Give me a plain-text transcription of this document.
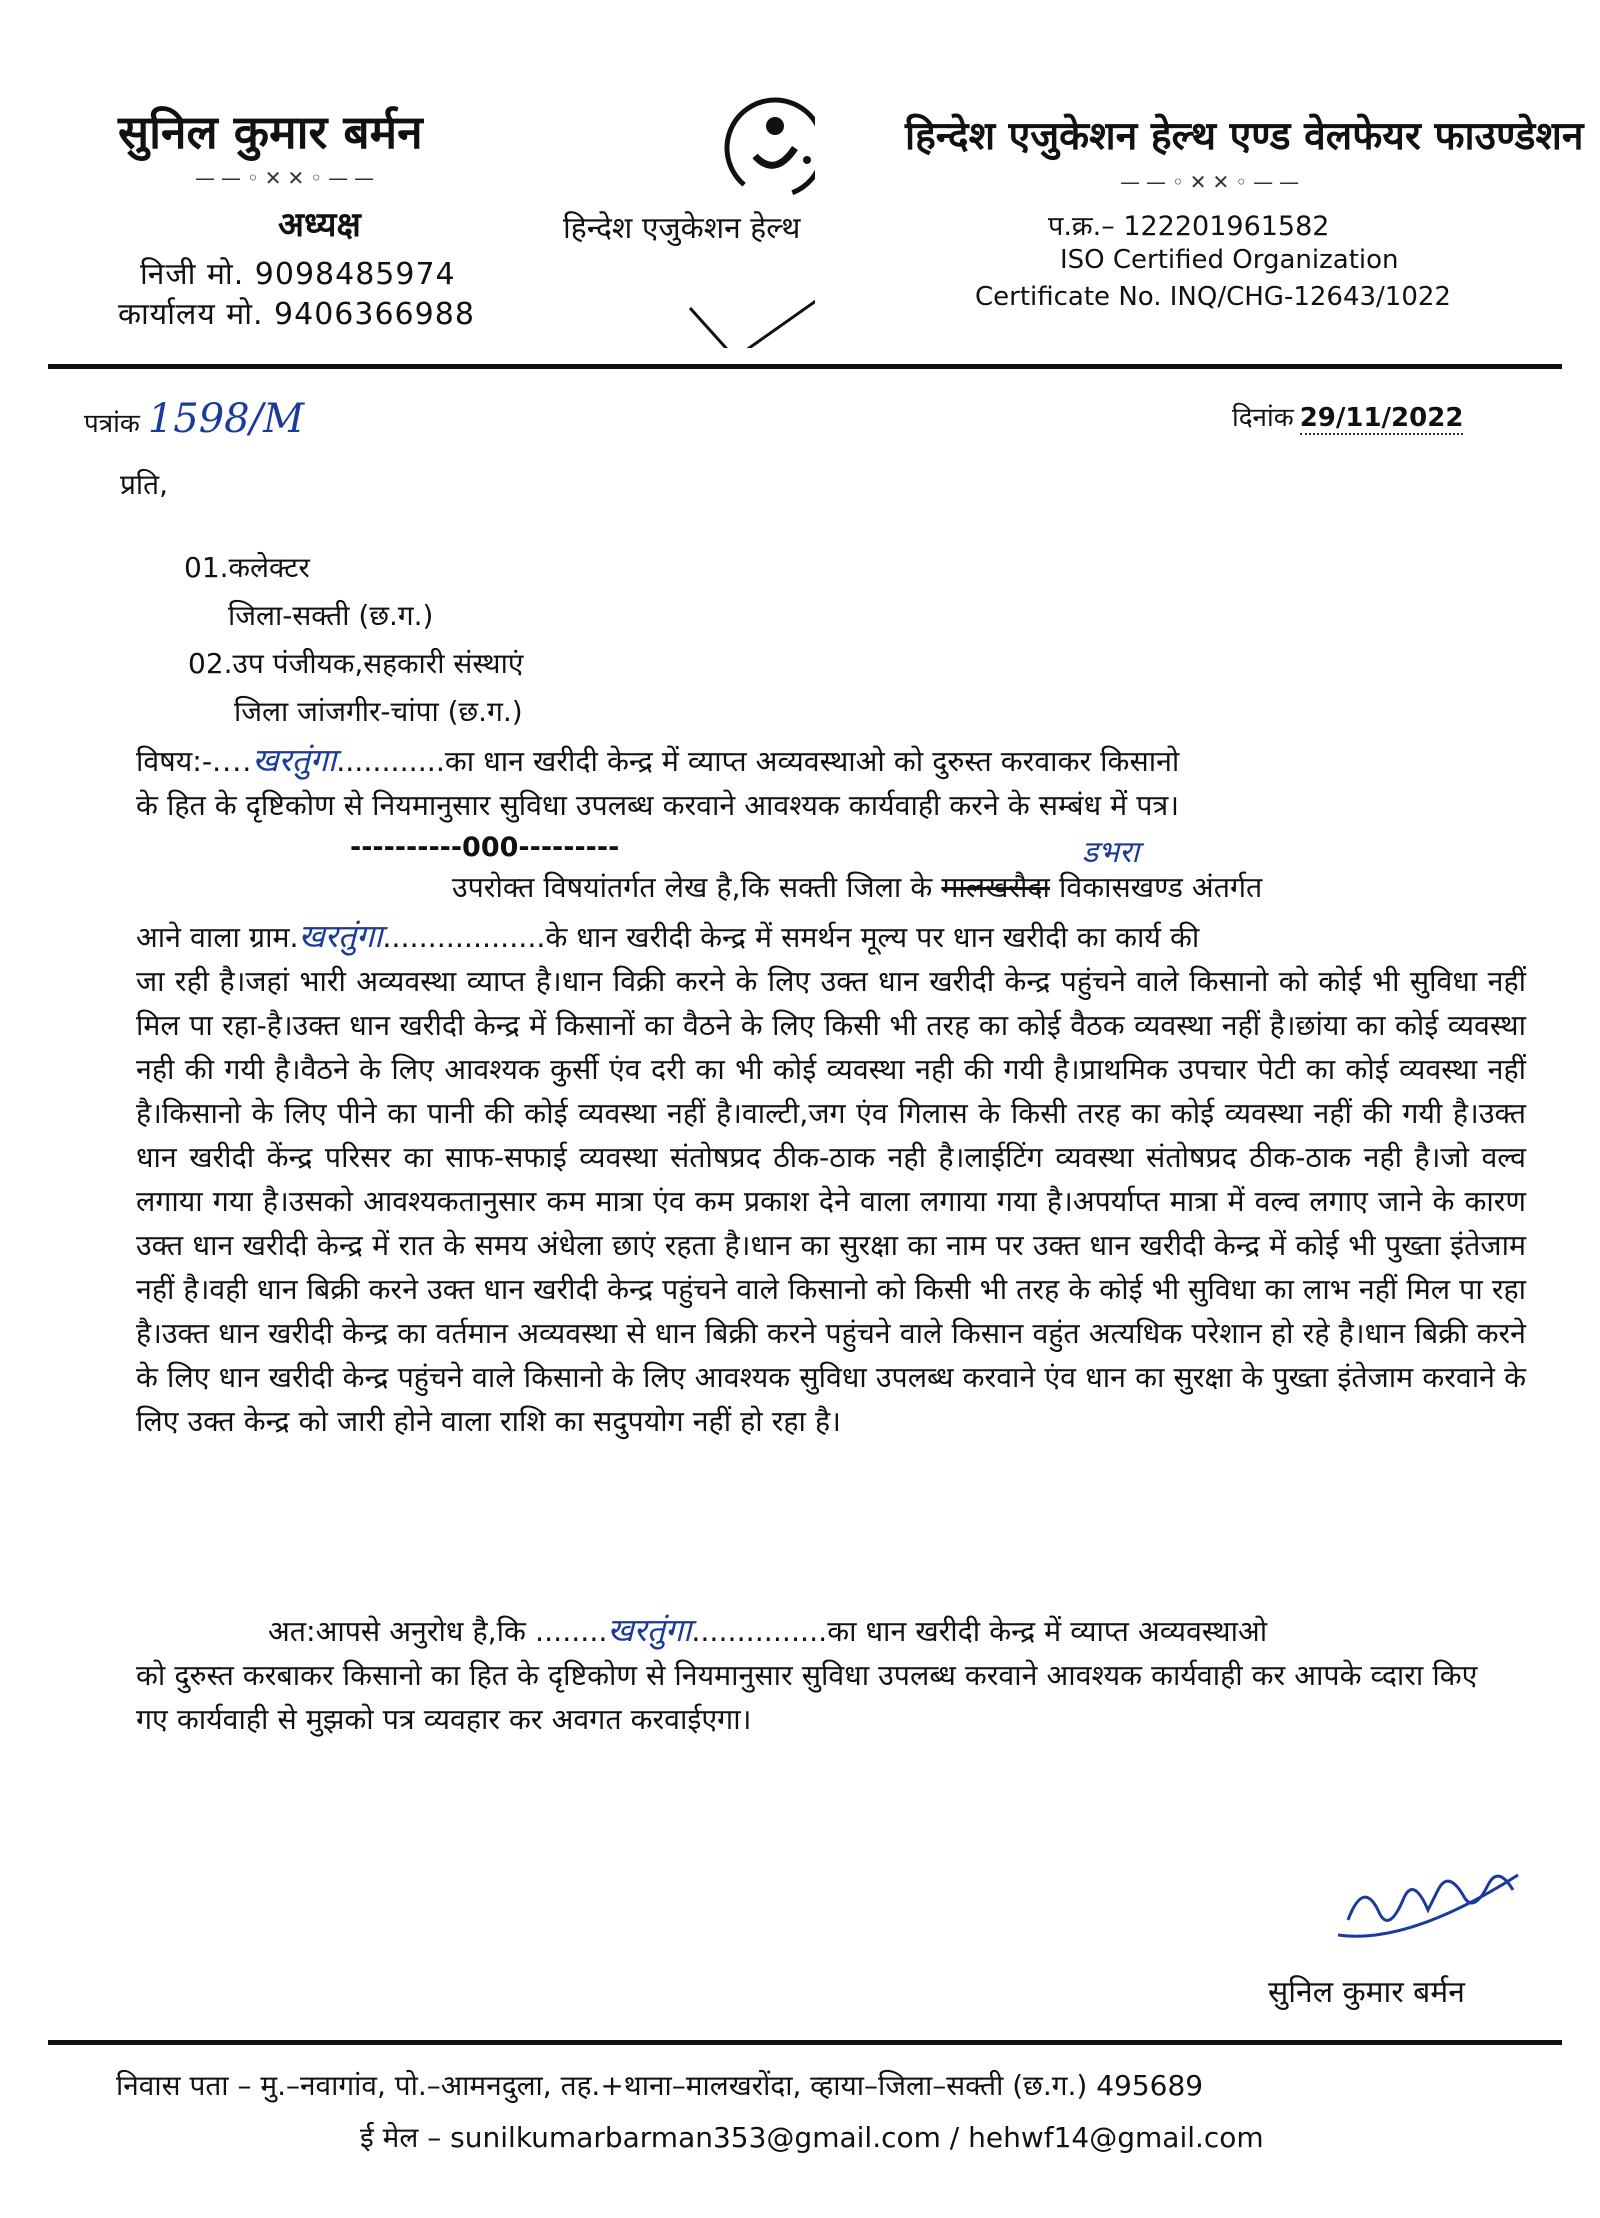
सुनिल कुमार बर्मन
——◦✕✕◦——
अध्यक्ष
निजी मो. 9098485974
कार्यालय मो. 9406366988
हिन्देश एजुकेशन हेल्थ
हिन्देश एजुकेशन हेल्थ एण्ड वेलफेयर फाउण्डेशन
——◦✕✕◦——
प.क्र.– 122201961582
ISO Certified Organization
Certificate No. INQ/CHG-12643/1022
पत्रांक 1598/M	दिनांक 29/11/2022
प्रति,
01.कलेक्टर
जिला-सक्ती (छ.ग.)
02.उप पंजीयक,सहकारी संस्थाएं
जिला जांजगीर-चांपा (छ.ग.)
विषय:-....खरतुंगा............का धान खरीदी केन्द्र में व्याप्त अव्यवस्थाओ को दुरुस्त करवाकर किसानो
के हित के दृष्टिकोण से नियमानुसार सुविधा उपलब्ध करवाने आवश्यक कार्यवाही करने के सम्बंध में पत्र।
----------000---------	डभरा
उपरोक्त विषयांतर्गत लेख है,कि सक्ती जिला के मालखरौदा विकासखण्ड अंतर्गत
आने वाला ग्राम.खरतुंगा..................के धान खरीदी केन्द्र में समर्थन मूल्य पर धान खरीदी का कार्य की
जा रही है।जहां भारी अव्यवस्था व्याप्त है।धान विक्री करने के लिए उक्त धान खरीदी केन्द्र पहुंचने वाले किसानो को कोई भी सुविधा नहीं मिल पा रहा-है।उक्त धान खरीदी केन्द्र में किसानों का वैठने के लिए किसी भी तरह का कोई वैठक व्यवस्था नहीं है।छांया का कोई व्यवस्था नही की गयी है।वैठने के लिए आवश्यक कुर्सी एंव दरी का भी कोई व्यवस्था नही की गयी है।प्राथमिक उपचार पेटी का कोई व्यवस्था नहीं है।किसानो के लिए पीने का पानी की कोई व्यवस्था नहीं है।वाल्टी,जग एंव गिलास के किसी तरह का कोई व्यवस्था नहीं की गयी है।उक्त धान खरीदी केंन्द्र परिसर का साफ-सफाई व्यवस्था संतोषप्रद ठीक-ठाक नही है।लाईटिंग व्यवस्था संतोषप्रद ठीक-ठाक नही है।जो वल्व लगाया गया है।उसको आवश्यकतानुसार कम मात्रा एंव कम प्रकाश देने वाला लगाया गया है।अपर्याप्त मात्रा में वल्व लगाए जाने के कारण उक्त धान खरीदी केन्द्र में रात के समय अंधेला छाएं रहता है।धान का सुरक्षा का नाम पर उक्त धान खरीदी केन्द्र में कोई भी पुख्ता इंतेजाम नहीं है।वही धान बिक्री करने उक्त धान खरीदी केन्द्र पहुंचने वाले किसानो को किसी भी तरह के कोई भी सुविधा का लाभ नहीं मिल पा रहा है।उक्त धान खरीदी केन्द्र का वर्तमान अव्यवस्था से धान बिक्री करने पहुंचने वाले किसान वहुंत अत्यधिक परेशान हो रहे है।धान बिक्री करने के लिए धान खरीदी केन्द्र पहुंचने वाले किसानो के लिए आवश्यक सुविधा उपलब्ध करवाने एंव धान का सुरक्षा के पुख्ता इंतेजाम करवाने के लिए उक्त केन्द्र को जारी होने वाला राशि का सदुपयोग नहीं हो रहा है।
अत:आपसे अनुरोध है,कि ........खरतुंगा...............का धान खरीदी केन्द्र में व्याप्त अव्यवस्थाओ
को दुरुस्त करबाकर किसानो का हित के दृष्टिकोण से नियमानुसार सुविधा उपलब्ध करवाने आवश्यक कार्यवाही कर आपके व्दारा किए गए कार्यवाही से मुझको पत्र व्यवहार कर अवगत करवाईएगा।
सुनिल कुमार बर्मन
निवास पता – मु.–नवागांव, पो.–आमनदुला, तह.+थाना–मालखरोंदा, व्हाया–जिला–सक्ती (छ.ग.) 495689
ई मेल – sunilkumarbarman353@gmail.com / hehwf14@gmail.com
